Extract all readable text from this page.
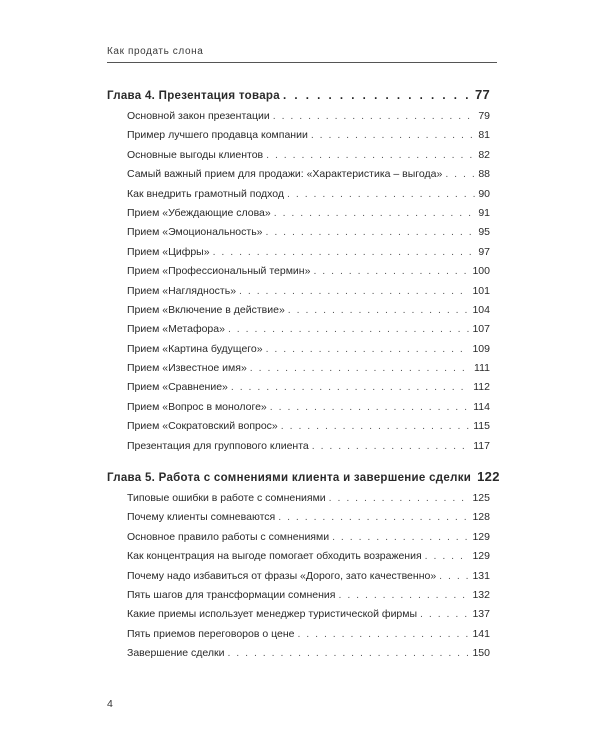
Как продать слона
Глава 4. Презентация товара . . .	77
Основной закон презентации . . .	79
Пример лучшего продавца компании . . .	81
Основные выгоды клиентов . . .	82
Самый важный прием для продажи: «Характеристика – выгода» . . .	88
Как внедрить грамотный подход . . .	90
Прием «Убеждающие слова» . . .	91
Прием «Эмоциональность» . . .	95
Прием «Цифры» . . .	97
Прием «Профессиональный термин» . . .	100
Прием «Наглядность» . . .	101
Прием «Включение в действие» . . .	104
Прием «Метафора» . . .	107
Прием «Картина будущего» . . .	109
Прием «Известное имя» . . .	111
Прием «Сравнение» . . .	112
Прием «Вопрос в монологе» . . .	114
Прием «Сократовский вопрос» . . .	115
Презентация для группового клиента . . .	117
Глава 5. Работа с сомнениями клиента и завершение сделки 122
Типовые ошибки в работе с сомнениями . . .	125
Почему клиенты сомневаются . . .	128
Основное правило работы с сомнениями . . .	129
Как концентрация на выгоде помогает обходить возражения . . .	129
Почему надо избавиться от фразы «Дорого, зато качественно» . . .	131
Пять шагов для трансформации сомнения . . .	132
Какие приемы использует менеджер туристической фирмы . . .	137
Пять приемов переговоров о цене . . .	141
Завершение сделки . . .	150
4
